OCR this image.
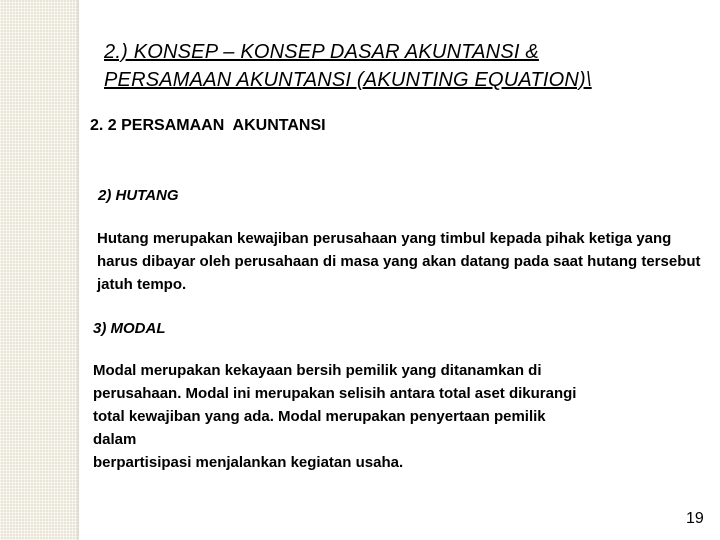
2.) KONSEP – KONSEP DASAR AKUNTANSI & PERSAMAAN AKUNTANSI (AKUNTING EQUATION)\
2. 2 PERSAMAAN  AKUNTANSI
2) HUTANG
Hutang merupakan kewajiban perusahaan yang timbul kepada pihak ketiga yang harus dibayar oleh perusahaan di masa yang akan datang pada saat hutang tersebut jatuh tempo.
3) MODAL
Modal merupakan kekayaan bersih pemilik yang ditanamkan di
perusahaan. Modal ini merupakan selisih antara total aset dikurangi
total kewajiban yang ada. Modal merupakan penyertaan pemilik
dalam
berpartisipasi menjalankan kegiatan usaha.
19
